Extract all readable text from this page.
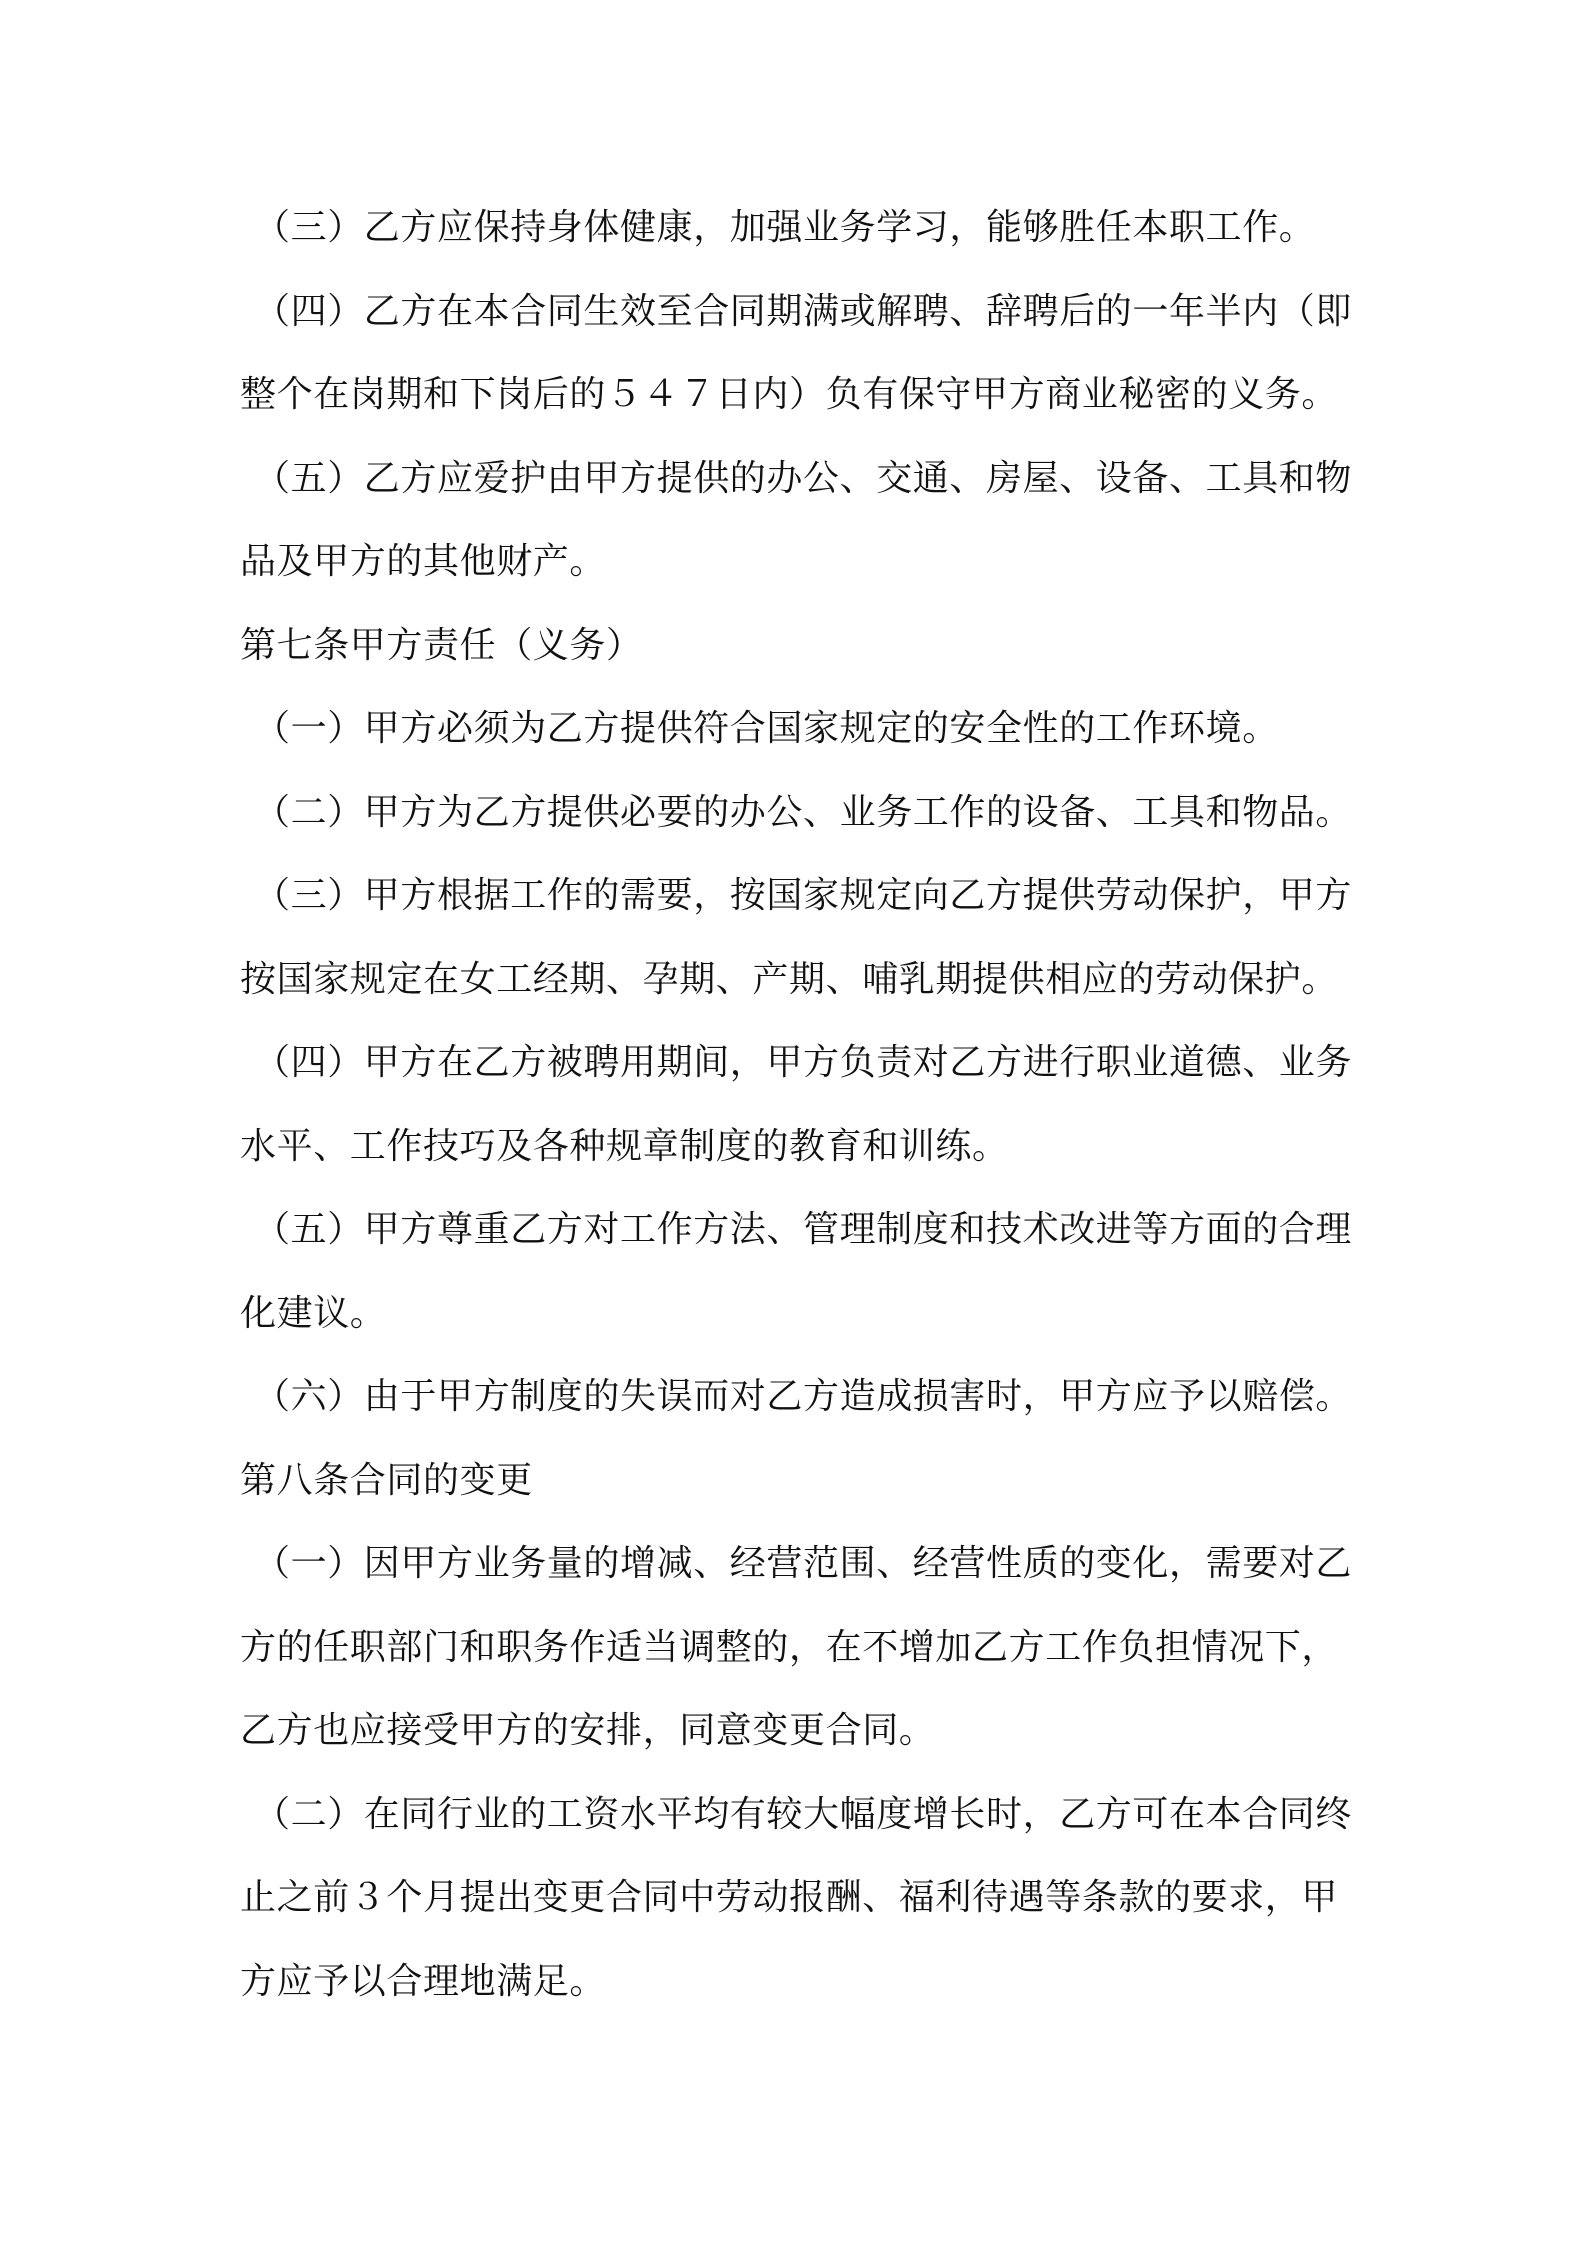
（三）乙方应保持身体健康，加强业务学习，能够胜任本职工作。
（四）乙方在本合同生效至合同期满或解聘、辞聘后的一年半内（即
整个在岗期和下岗后的５４７日内）负有保守甲方商业秘密的义务。
（五）乙方应爱护由甲方提供的办公、交通、房屋、设备、工具和物
品及甲方的其他财产。
第七条甲方责任（义务）
（一）甲方必须为乙方提供符合国家规定的安全性的工作环境。
（二）甲方为乙方提供必要的办公、业务工作的设备、工具和物品。
（三）甲方根据工作的需要，按国家规定向乙方提供劳动保护，甲方
按国家规定在女工经期、孕期、产期、哺乳期提供相应的劳动保护。
（四）甲方在乙方被聘用期间，甲方负责对乙方进行职业道德、业务
水平、工作技巧及各种规章制度的教育和训练。
（五）甲方尊重乙方对工作方法、管理制度和技术改进等方面的合理
化建议。
（六）由于甲方制度的失误而对乙方造成损害时，甲方应予以赔偿。
第八条合同的变更
（一）因甲方业务量的增减、经营范围、经营性质的变化，需要对乙
方的任职部门和职务作适当调整的，在不增加乙方工作负担情况下，
乙方也应接受甲方的安排，同意变更合同。
（二）在同行业的工资水平均有较大幅度增长时，乙方可在本合同终
止之前３个月提出变更合同中劳动报酬、福利待遇等条款的要求，甲
方应予以合理地满足。
